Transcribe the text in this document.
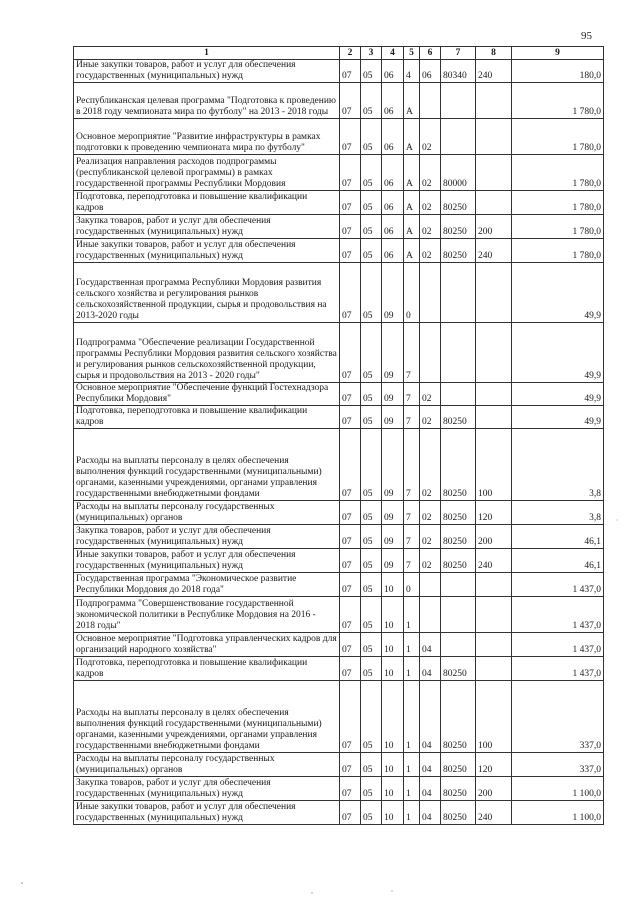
95
1	2	3	4	5	6	7	8	9
Иные закупки товаров, работ и услуг для обеспечения государственных (муниципальных) нужд	07	05	06	4	06	80340	240	180,0
Республиканская целевая программа "Подготовка к проведению в 2018 году чемпионата мира по футболу" на 2013 - 2018 годы	07	05	06	А				1 780,0
Основное мероприятие "Развитие инфраструктуры в рамках подготовки к проведению чемпионата мира по футболу"	07	05	06	А	02			1 780,0
Реализация направления расходов подпрограммы (республиканской целевой программы) в рамках государственной программы Республики Мордовия	07	05	06	А	02	80000		1 780,0
Подготовка, переподготовка и повышение квалификации кадров	07	05	06	А	02	80250		1 780,0
Закупка товаров, работ и услуг для обеспечения государственных (муниципальных) нужд	07	05	06	А	02	80250	200	1 780,0
Иные закупки товаров, работ и услуг для обеспечения государственных (муниципальных) нужд	07	05	06	А	02	80250	240	1 780,0
Государственная программа Республики Мордовия развития сельского хозяйства и регулирования рынков сельскохозяйственной продукции, сырья и продовольствия на 2013-2020 годы	07	05	09	0				49,9
Подпрограмма "Обеспечение реализации Государственной программы Республики Мордовия развития сельского хозяйства и регулирования рынков сельскохозяйственной продукции, сырья и продовольствия на 2013 - 2020 годы"	07	05	09	7				49,9
Основное мероприятие "Обеспечение функций Гостехнадзора Республики Мордовия"	07	05	09	7	02			49,9
Подготовка, переподготовка и повышение квалификации кадров	07	05	09	7	02	80250		49,9
Расходы на выплаты персоналу в целях обеспечения выполнения функций государственными (муниципальными) органами, казенными учреждениями, органами управления государственными внебюджетными фондами	07	05	09	7	02	80250	100	3,8
Расходы на выплаты персоналу государственных (муниципальных) органов	07	05	09	7	02	80250	120	3,8
Закупка товаров, работ и услуг для обеспечения государственных (муниципальных) нужд	07	05	09	7	02	80250	200	46,1
Иные закупки товаров, работ и услуг для обеспечения государственных (муниципальных) нужд	07	05	09	7	02	80250	240	46,1
Государственная программа "Экономическое развитие Республики Мордовия до 2018 года"	07	05	10	0				1 437,0
Подпрограмма "Совершенствование государственной экономической политики в Республике Мордовия на 2016 - 2018 годы"	07	05	10	1				1 437,0
Основное мероприятие "Подготовка управленческих кадров для организаций народного хозяйства"	07	05	10	1	04			1 437,0
Подготовка, переподготовка и повышение квалификации кадров	07	05	10	1	04	80250		1 437,0
Расходы на выплаты персоналу в целях обеспечения выполнения функций государственными (муниципальными) органами, казенными учреждениями, органами управления государственными внебюджетными фондами	07	05	10	1	04	80250	100	337,0
Расходы на выплаты персоналу государственных (муниципальных) органов	07	05	10	1	04	80250	120	337,0
Закупка товаров, работ и услуг для обеспечения государственных (муниципальных) нужд	07	05	10	1	04	80250	200	1 100,0
Иные закупки товаров, работ и услуг для обеспечения государственных (муниципальных) нужд	07	05	10	1	04	80250	240	1 100,0
